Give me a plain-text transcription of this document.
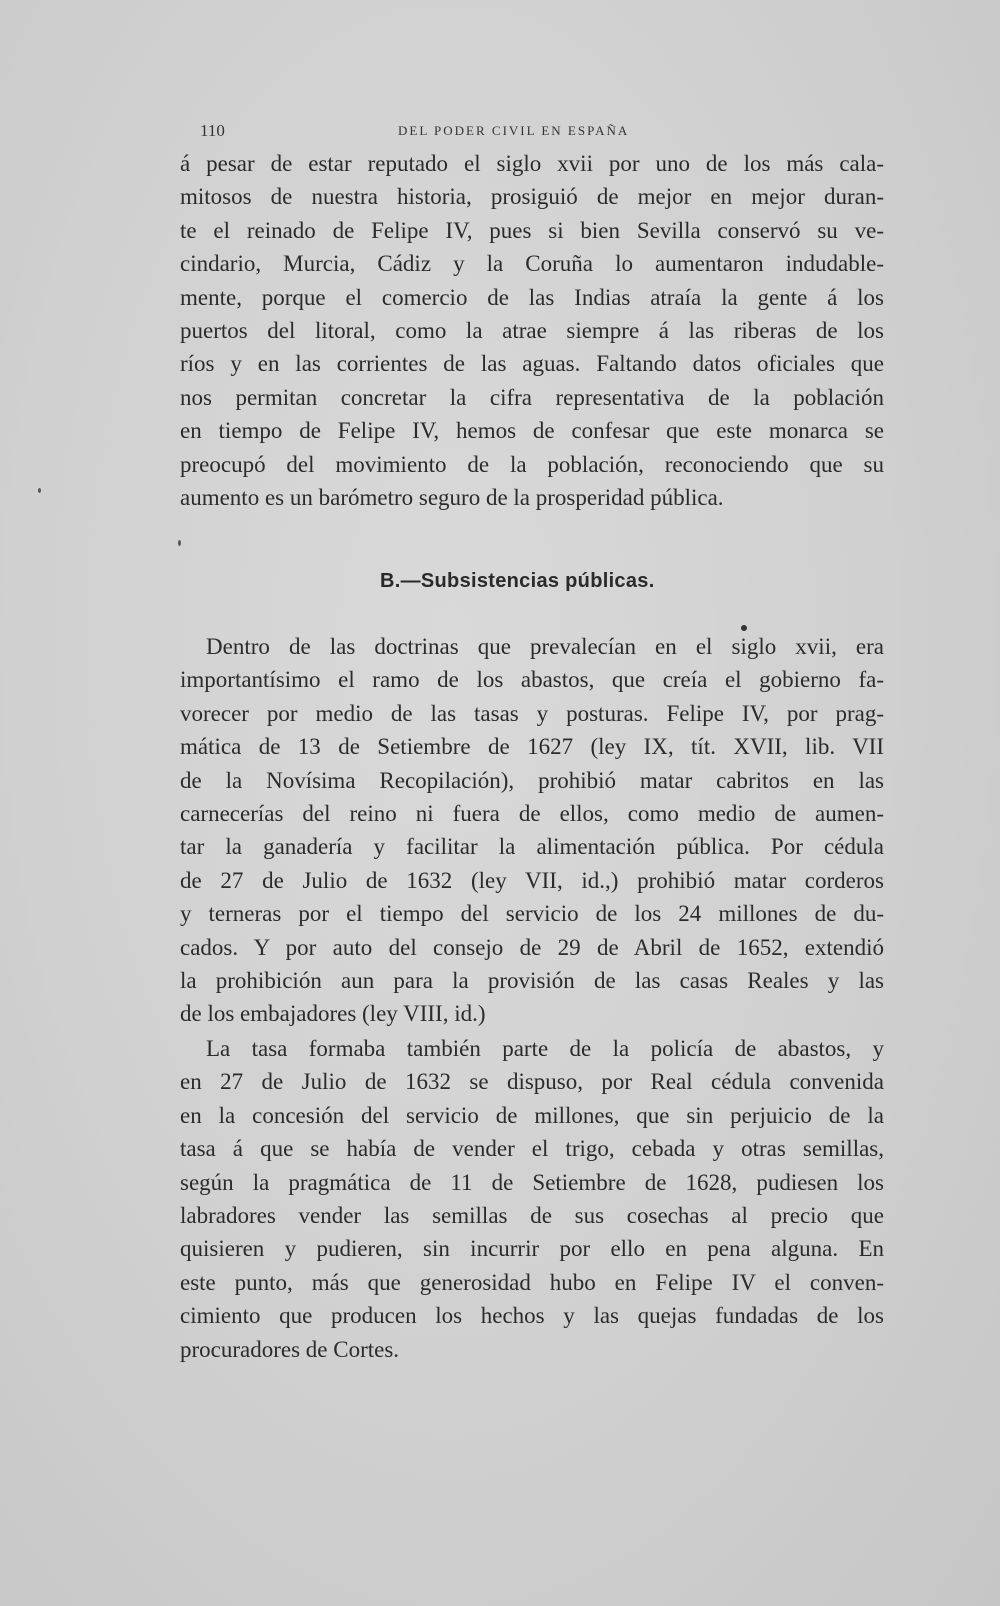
110	DEL PODER CIVIL EN ESPAÑA

á pesar de estar reputado el siglo xvii por uno de los más cala-
mitosos de nuestra historia, prosiguió de mejor en mejor duran-
te el reinado de Felipe IV, pues si bien Sevilla conservó su ve-
cindario, Murcia, Cádiz y la Coruña lo aumentaron indudable-
mente, porque el comercio de las Indias atraía la gente á los
puertos del litoral, como la atrae siempre á las riberas de los
ríos y en las corrientes de las aguas. Faltando datos oficiales que
nos permitan concretar la cifra representativa de la población
en tiempo de Felipe IV, hemos de confesar que este monarca se
preocupó del movimiento de la población, reconociendo que su
aumento es un barómetro seguro de la prosperidad pública.

B.—Subsistencias públicas.

Dentro de las doctrinas que prevalecían en el siglo xvii, era
importantísimo el ramo de los abastos, que creía el gobierno fa-
vorecer por medio de las tasas y posturas. Felipe IV, por prag-
mática de 13 de Setiembre de 1627 (ley IX, tít. XVII, lib. VII
de la Novísima Recopilación), prohibió matar cabritos en las
carnecerías del reino ni fuera de ellos, como medio de aumen-
tar la ganadería y facilitar la alimentación pública. Por cédula
de 27 de Julio de 1632 (ley VII, id.,) prohibió matar corderos
y terneras por el tiempo del servicio de los 24 millones de du-
cados. Y por auto del consejo de 29 de Abril de 1652, extendió
la prohibición aun para la provisión de las casas Reales y las
de los embajadores (ley VIII, id.)

La tasa formaba también parte de la policía de abastos, y
en 27 de Julio de 1632 se dispuso, por Real cédula convenida
en la concesión del servicio de millones, que sin perjuicio de la
tasa á que se había de vender el trigo, cebada y otras semillas,
según la pragmática de 11 de Setiembre de 1628, pudiesen los
labradores vender las semillas de sus cosechas al precio que
quisieren y pudieren, sin incurrir por ello en pena alguna. En
este punto, más que generosidad hubo en Felipe IV el conven-
cimiento que producen los hechos y las quejas fundadas de los
procuradores de Cortes.
